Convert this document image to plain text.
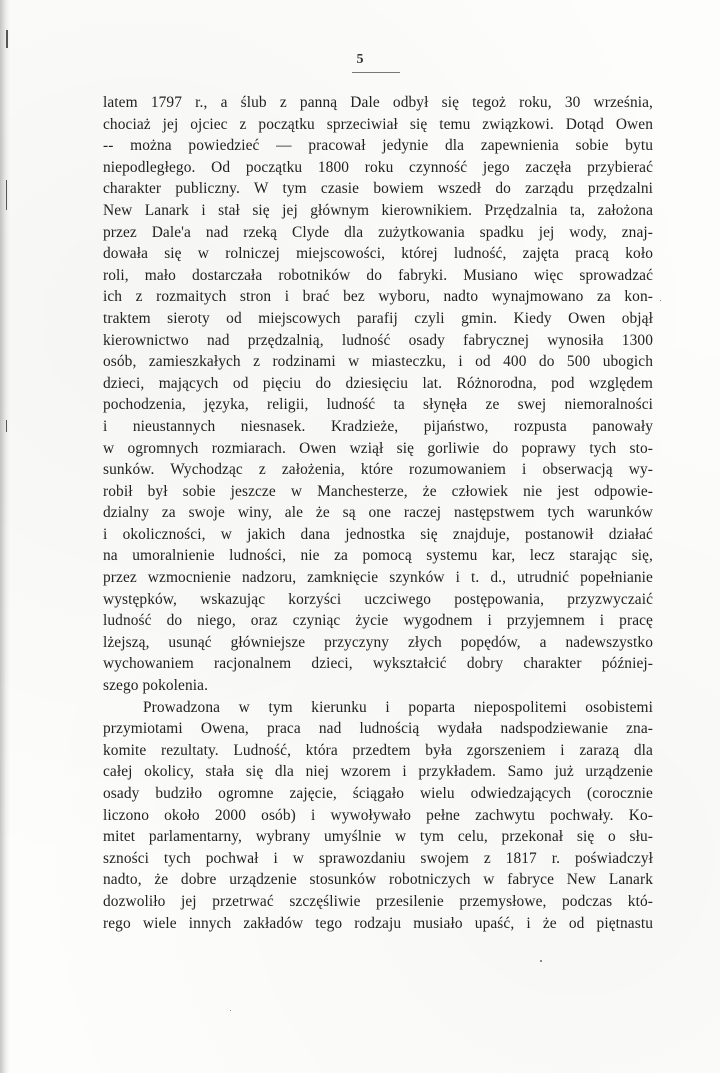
5
latem 1797 r., a ślub z panną Dale odbył się tegoż roku, 30 września,
chociaż jej ojciec z początku sprzeciwiał się temu związkowi. Dotąd Owen
-- można powiedzieć — pracował jedynie dla zapewnienia sobie bytu
niepodległego. Od początku 1800 roku czynność jego zaczęła przybierać
charakter publiczny. W tym czasie bowiem wszedł do zarządu przędzalni
New Lanark i stał się jej głównym kierownikiem. Przędzalnia ta, założona
przez Dale'a nad rzeką Clyde dla zużytkowania spadku jej wody, znaj-
dowała się w rolniczej miejscowości, której ludność, zajęta pracą koło
roli, mało dostarczała robotników do fabryki. Musiano więc sprowadzać
ich z rozmaitych stron i brać bez wyboru, nadto wynajmowano za kon-
traktem sieroty od miejscowych parafij czyli gmin. Kiedy Owen objął
kierownictwo nad przędzalnią, ludność osady fabrycznej wynosiła 1300
osób, zamieszkałych z rodzinami w miasteczku, i od 400 do 500 ubogich
dzieci, mających od pięciu do dziesięciu lat. Różnorodna, pod względem
pochodzenia, języka, religii, ludność ta słynęła ze swej niemoralności
i nieustannych niesnasek. Kradzieże, pijaństwo, rozpusta panowały
w ogromnych rozmiarach. Owen wziął się gorliwie do poprawy tych sto-
sunków. Wychodząc z założenia, które rozumowaniem i obserwacją wy-
robił był sobie jeszcze w Manchesterze, że człowiek nie jest odpowie-
dzialny za swoje winy, ale że są one raczej następstwem tych warunków
i okoliczności, w jakich dana jednostka się znajduje, postanowił działać
na umoralnienie ludności, nie za pomocą systemu kar, lecz starając się,
przez wzmocnienie nadzoru, zamknięcie szynków i t. d., utrudnić popełnianie
występków, wskazując korzyści uczciwego postępowania, przyzwyczaić
ludność do niego, oraz czyniąc życie wygodnem i przyjemnem i pracę
lżejszą, usunąć główniejsze przyczyny złych popędów, a nadewszystko
wychowaniem racjonalnem dzieci, wykształcić dobry charakter później-
szego pokolenia.
Prowadzona w tym kierunku i poparta niepospolitemi osobistemi
przymiotami Owena, praca nad ludnością wydała nadspodziewanie zna-
komite rezultaty. Ludność, która przedtem była zgorszeniem i zarazą dla
całej okolicy, stała się dla niej wzorem i przykładem. Samo już urządzenie
osady budziło ogromne zajęcie, ściągało wielu odwiedzających (corocznie
liczono około 2000 osób) i wywoływało pełne zachwytu pochwały. Ko-
mitet parlamentarny, wybrany umyślnie w tym celu, przekonał się o słu-
szności tych pochwał i w sprawozdaniu swojem z 1817 r. poświadczył
nadto, że dobre urządzenie stosunków robotniczych w fabryce New Lanark
dozwoliło jej przetrwać szczęśliwie przesilenie przemysłowe, podczas któ-
rego wiele innych zakładów tego rodzaju musiało upaść, i że od piętnastu
